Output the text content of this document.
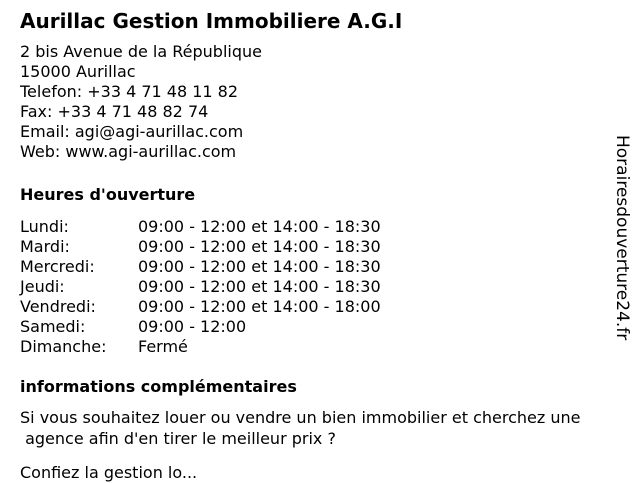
Aurillac Gestion Immobiliere A.G.I
2 bis Avenue de la République
15000 Aurillac
Telefon: +33 4 71 48 11 82
Fax: +33 4 71 48 82 74
Email: agi@agi-aurillac.com
Web: www.agi-aurillac.com
Heures d'ouverture
Lundi:	09:00 - 12:00 et 14:00 - 18:30
Mardi:	09:00 - 12:00 et 14:00 - 18:30
Mercredi:	09:00 - 12:00 et 14:00 - 18:30
Jeudi:	09:00 - 12:00 et 14:00 - 18:30
Vendredi:	09:00 - 12:00 et 14:00 - 18:00
Samedi:	09:00 - 12:00
Dimanche:	Fermé
informations complémentaires
Si vous souhaitez louer ou vendre un bien immobilier et cherchez une
agence afin d'en tirer le meilleur prix ?
Confiez la gestion lo...
Horairesdouverture24.fr
